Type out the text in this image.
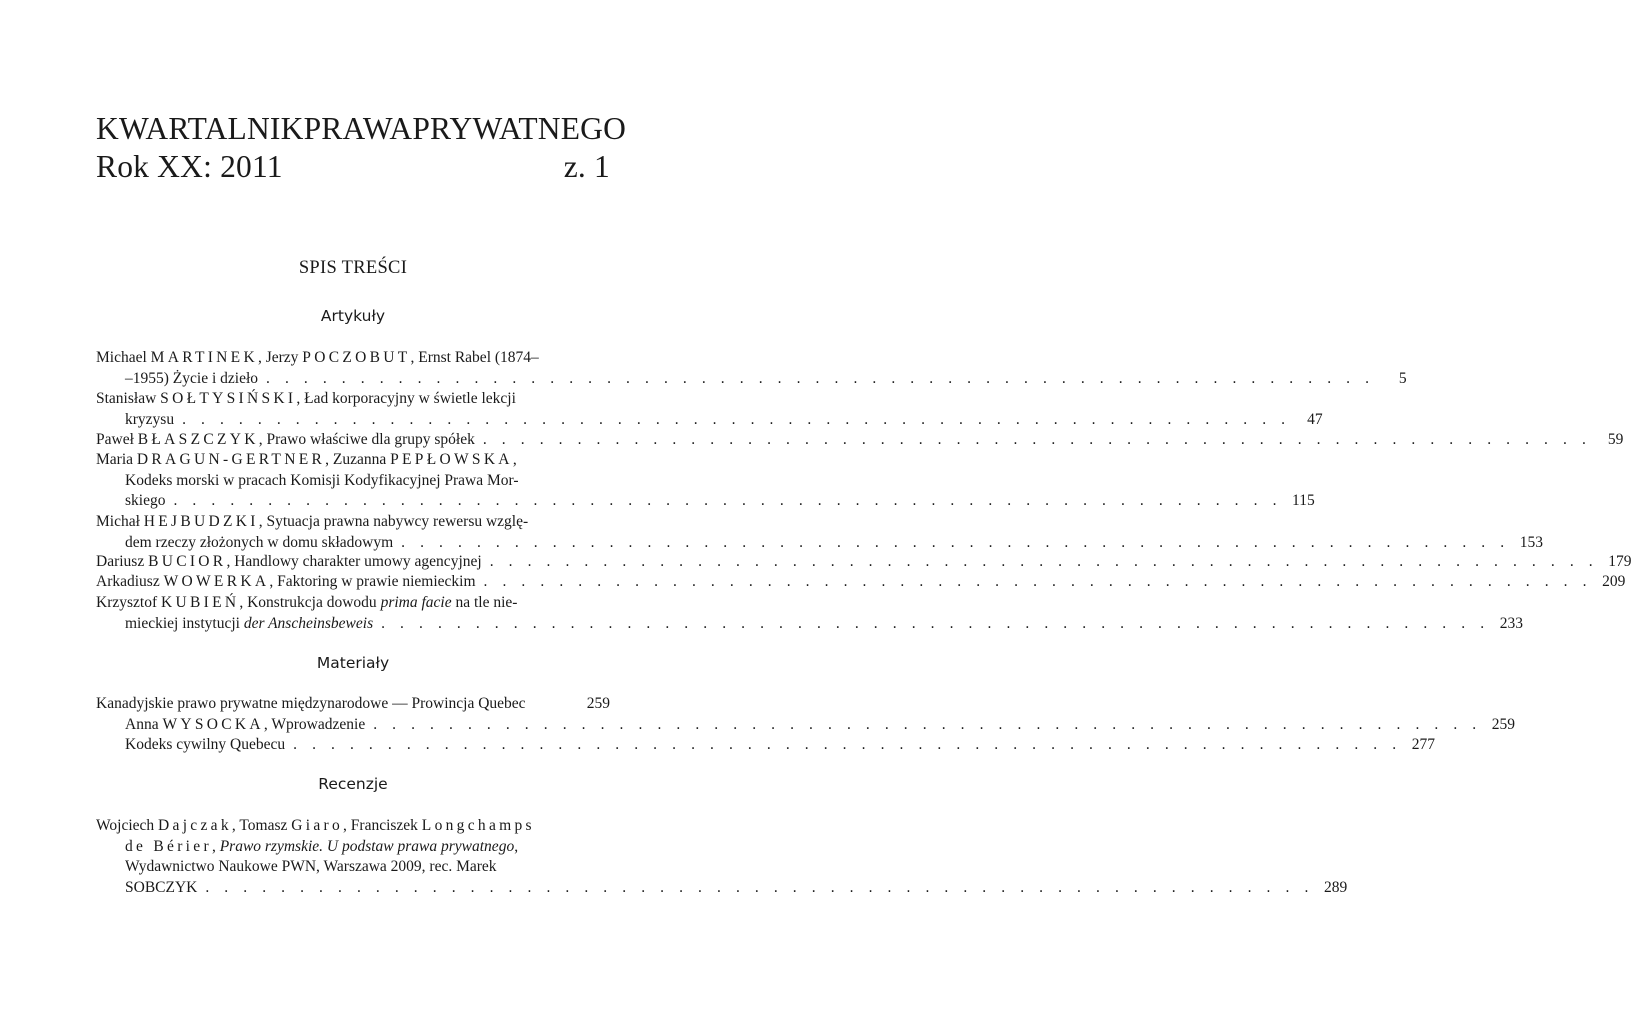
KWARTALNIK PRAWA PRYWATNEGO
Rok XX: 2011	z. 1
SPIS TREŚCI
Artykuły
Michael MARTINEK, Jerzy POCZOBUT, Ernst Rabel (1874–
–1955) Życie i dzieło . . . . . . . . . . . . . . . . . . . . . . . . . . . . . . . . . . . . . . . . . . . . . . . . . . . . . . . . . . .	5
Stanisław SOŁTYSIŃSKI, Ład korporacyjny w świetle lekcji
kryzysu . . . . . . . . . . . . . . . . . . . . . . . . . . . . . . . . . . . . . . . . . . . . . . . . . . . . . . . . . . .	47
Paweł BŁASZCZYK, Prawo właściwe dla grupy spółek . . . . . . . . . . . . . . . . . . . . . . . . . . . . . . . . . . . . . . . . . . . . . . . . . . . . . . . . . . .	59
Maria DRAGUN-GERTNER, Zuzanna PEPŁOWSKA,
Kodeks morski w pracach Komisji Kodyfikacyjnej Prawa Mor-
skiego . . . . . . . . . . . . . . . . . . . . . . . . . . . . . . . . . . . . . . . . . . . . . . . . . . . . . . . . . . . 115
Michał HEJBUDZKI, Sytuacja prawna nabywcy rewersu wzglę-
dem rzeczy złożonych w domu składowym . . . . . . . . . . . . . . . . . . . . . . . . . . . . . . . . . . . . . . . . . . . . . . . . . . . . . . . . . . . 153
Dariusz BUCIOR, Handlowy charakter umowy agencyjnej . . . . . . . . . . . . . . . . . . . . . . . . . . . . . . . . . . . . . . . . . . . . . . . . . . . . . . . . . . . 179
Arkadiusz WOWERKA, Faktoring w prawie niemieckim . . . . . . . . . . . . . . . . . . . . . . . . . . . . . . . . . . . . . . . . . . . . . . . . . . . . . . . . . . . 209
Krzysztof KUBIEŃ, Konstrukcja dowodu prima facie na tle nie-
mieckiej instytucji der Anscheinsbeweis . . . . . . . . . . . . . . . . . . . . . . . . . . . . . . . . . . . . . . . . . . . . . . . . . . . . . . . . . . . 233
Materiały
Kanadyjskie prawo prywatne międzynarodowe — Prowincja Quebec	259
Anna WYSOCKA, Wprowadzenie . . . . . . . . . . . . . . . . . . . . . . . . . . . . . . . . . . . . . . . . . . . . . . . . . . . . . . . . . . . 259
Kodeks cywilny Quebecu . . . . . . . . . . . . . . . . . . . . . . . . . . . . . . . . . . . . . . . . . . . . . . . . . . . . . . . . . . . 277
Recenzje
Wojciech Dajczak, Tomasz Giaro, Franciszek Longchamps
de Bérier, Prawo rzymskie. U podstaw prawa prywatnego,
Wydawnictwo Naukowe PWN, Warszawa 2009, rec. Marek
SOBCZYK . . . . . . . . . . . . . . . . . . . . . . . . . . . . . . . . . . . . . . . . . . . . . . . . . . . . . . . . . . . 289
